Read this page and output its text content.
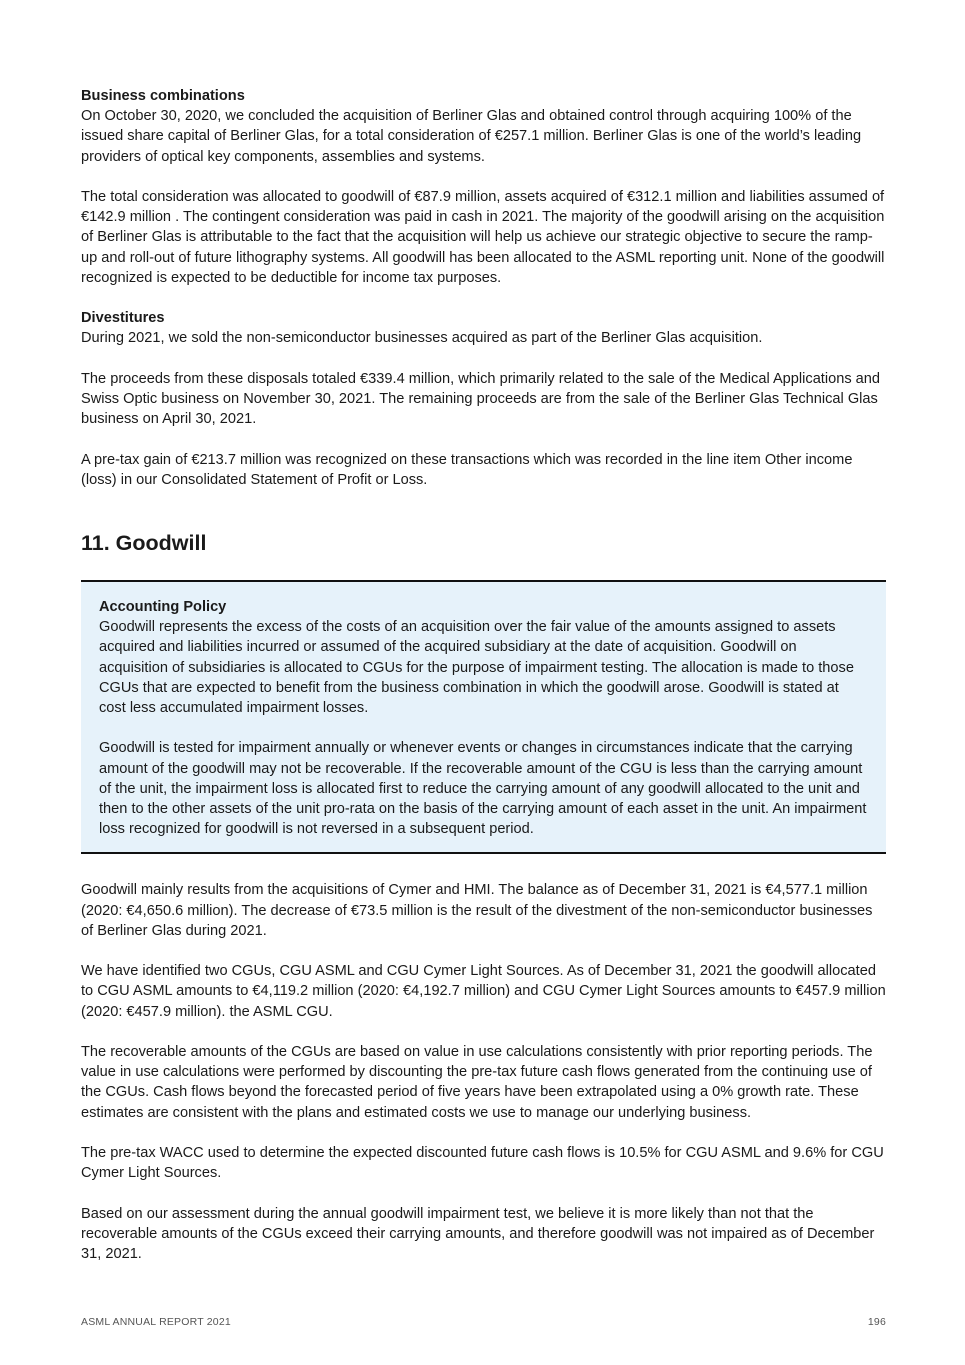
Business combinations

On October 30, 2020, we concluded the acquisition of Berliner Glas and obtained control through acquiring 100% of the issued share capital of Berliner Glas, for a total consideration of €257.1 million. Berliner Glas is one of the world’s leading providers of optical key components, assemblies and systems.

The total consideration was allocated to goodwill of €87.9 million, assets acquired of €312.1 million and liabilities assumed of €142.9 million . The contingent consideration was paid in cash in 2021. The majority of the goodwill arising on the acquisition of Berliner Glas is attributable to the fact that the acquisition will help us achieve our strategic objective to secure the ramp-up and roll-out of future lithography systems. All goodwill has been allocated to the ASML reporting unit. None of the goodwill recognized is expected to be deductible for income tax purposes.

Divestitures

During 2021, we sold the non-semiconductor businesses acquired as part of the Berliner Glas acquisition.

The proceeds from these disposals totaled €339.4 million, which primarily related to the sale of the Medical Applications and Swiss Optic business on November 30, 2021. The remaining proceeds are from the sale of the Berliner Glas Technical Glas business on April 30, 2021.

A pre-tax gain of €213.7 million was recognized on these transactions which was recorded in the line item Other income (loss) in our Consolidated Statement of Profit or Loss.

11. Goodwill

Accounting Policy

Goodwill represents the excess of the costs of an acquisition over the fair value of the amounts assigned to assets acquired and liabilities incurred or assumed of the acquired subsidiary at the date of acquisition. Goodwill on acquisition of subsidiaries is allocated to CGUs for the purpose of impairment testing. The allocation is made to those CGUs that are expected to benefit from the business combination in which the goodwill arose. Goodwill is stated at cost less accumulated impairment losses.

Goodwill is tested for impairment annually or whenever events or changes in circumstances indicate that the carrying amount of the goodwill may not be recoverable. If the recoverable amount of the CGU is less than the carrying amount of the unit, the impairment loss is allocated first to reduce the carrying amount of any goodwill allocated to the unit and then to the other assets of the unit pro-rata on the basis of the carrying amount of each asset in the unit. An impairment loss recognized for goodwill is not reversed in a subsequent period.

Goodwill mainly results from the acquisitions of Cymer and HMI. The balance as of December 31, 2021 is €4,577.1 million (2020: €4,650.6 million). The decrease of €73.5 million is the result of the divestment of the non-semiconductor businesses of Berliner Glas during 2021.

We have identified two CGUs, CGU ASML and CGU Cymer Light Sources. As of December 31, 2021 the goodwill allocated to CGU ASML amounts to €4,119.2 million (2020: €4,192.7 million) and CGU Cymer Light Sources amounts to €457.9 million (2020: €457.9 million). the ASML CGU.

The recoverable amounts of the CGUs are based on value in use calculations consistently with prior reporting periods. The value in use calculations were performed by discounting the pre-tax future cash flows generated from the continuing use of the CGUs. Cash flows beyond the forecasted period of five years have been extrapolated using a 0% growth rate. These estimates are consistent with the plans and estimated costs we use to manage our underlying business.

The pre-tax WACC used to determine the expected discounted future cash flows is 10.5% for CGU ASML and 9.6% for CGU Cymer Light Sources.

Based on our assessment during the annual goodwill impairment test, we believe it is more likely than not that the recoverable amounts of the CGUs exceed their carrying amounts, and therefore goodwill was not impaired as of December 31, 2021.

ASML ANNUAL REPORT 2021	196
